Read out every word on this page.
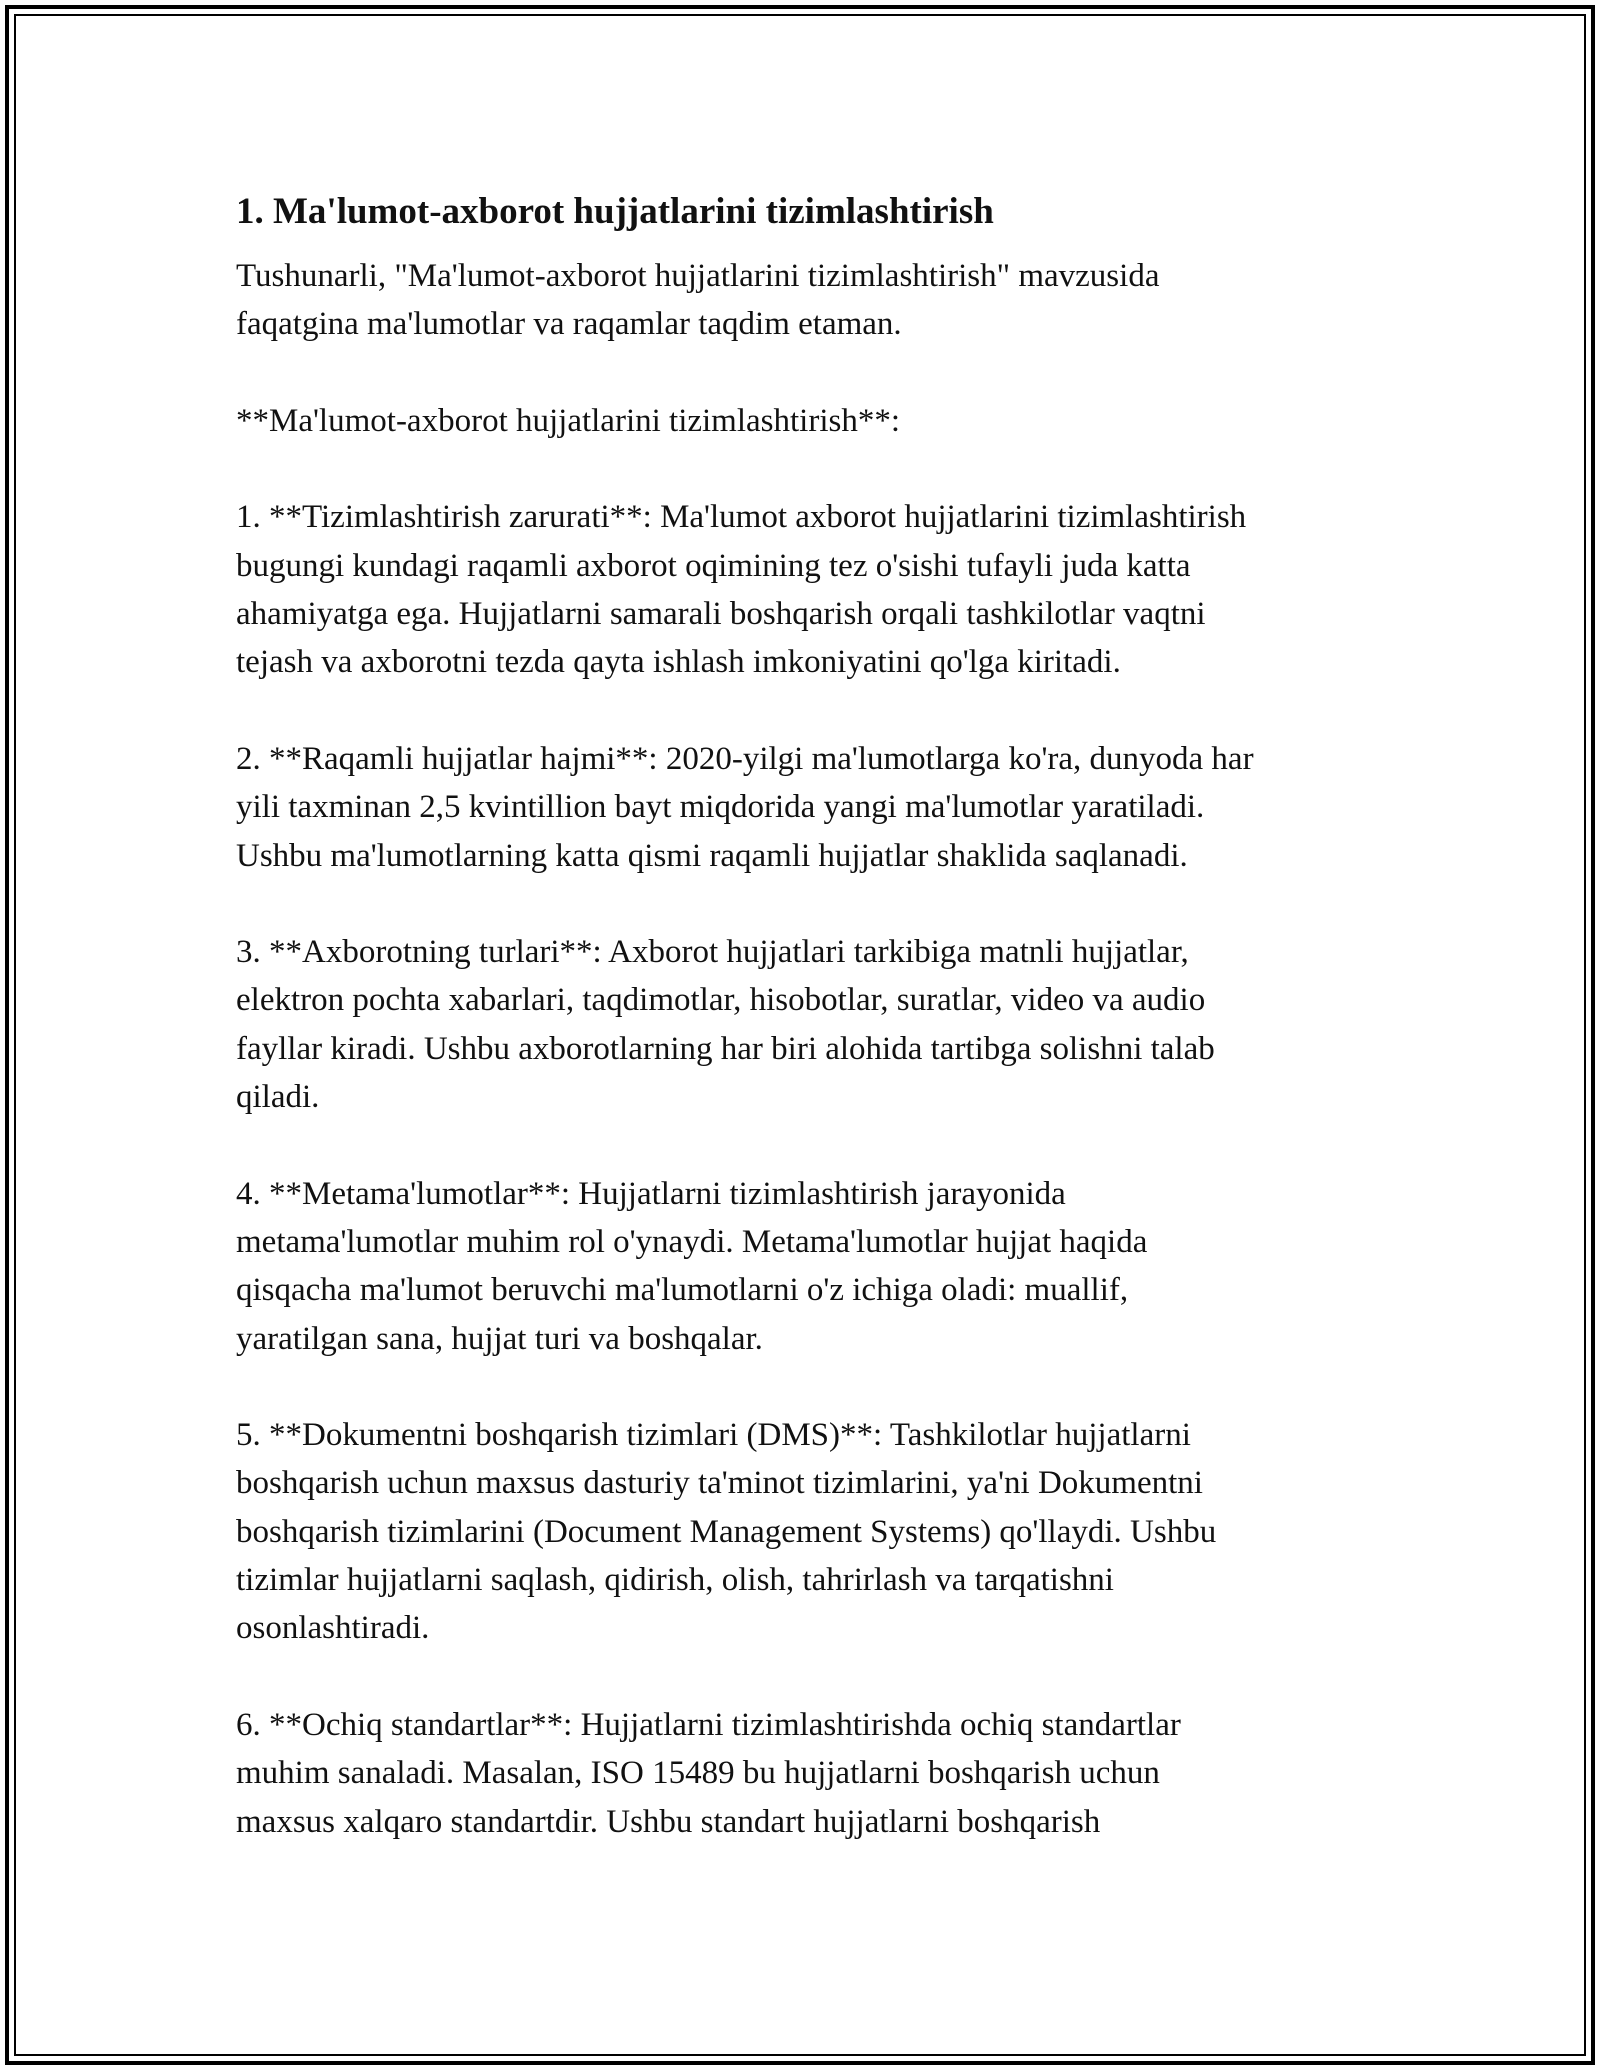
1. Ma'lumot-axborot hujjatlarini tizimlashtirish
Tushunarli, "Ma'lumot-axborot hujjatlarini tizimlashtirish" mavzusida
faqatgina ma'lumotlar va raqamlar taqdim etaman.
**Ma'lumot-axborot hujjatlarini tizimlashtirish**:
1. **Tizimlashtirish zarurati**: Ma'lumot axborot hujjatlarini tizimlashtirish
bugungi kundagi raqamli axborot oqimining tez o'sishi tufayli juda katta
ahamiyatga ega. Hujjatlarni samarali boshqarish orqali tashkilotlar vaqtni
tejash va axborotni tezda qayta ishlash imkoniyatini qo'lga kiritadi.
2. **Raqamli hujjatlar hajmi**: 2020-yilgi ma'lumotlarga ko'ra, dunyoda har
yili taxminan 2,5 kvintillion bayt miqdorida yangi ma'lumotlar yaratiladi.
Ushbu ma'lumotlarning katta qismi raqamli hujjatlar shaklida saqlanadi.
3. **Axborotning turlari**: Axborot hujjatlari tarkibiga matnli hujjatlar,
elektron pochta xabarlari, taqdimotlar, hisobotlar, suratlar, video va audio
fayllar kiradi. Ushbu axborotlarning har biri alohida tartibga solishni talab
qiladi.
4. **Metama'lumotlar**: Hujjatlarni tizimlashtirish jarayonida
metama'lumotlar muhim rol o'ynaydi. Metama'lumotlar hujjat haqida
qisqacha ma'lumot beruvchi ma'lumotlarni o'z ichiga oladi: muallif,
yaratilgan sana, hujjat turi va boshqalar.
5. **Dokumentni boshqarish tizimlari (DMS)**: Tashkilotlar hujjatlarni
boshqarish uchun maxsus dasturiy ta'minot tizimlarini, ya'ni Dokumentni
boshqarish tizimlarini (Document Management Systems) qo'llaydi. Ushbu
tizimlar hujjatlarni saqlash, qidirish, olish, tahrirlash va tarqatishni
osonlashtiradi.
6. **Ochiq standartlar**: Hujjatlarni tizimlashtirishda ochiq standartlar
muhim sanaladi. Masalan, ISO 15489 bu hujjatlarni boshqarish uchun
maxsus xalqaro standartdir. Ushbu standart hujjatlarni boshqarish
